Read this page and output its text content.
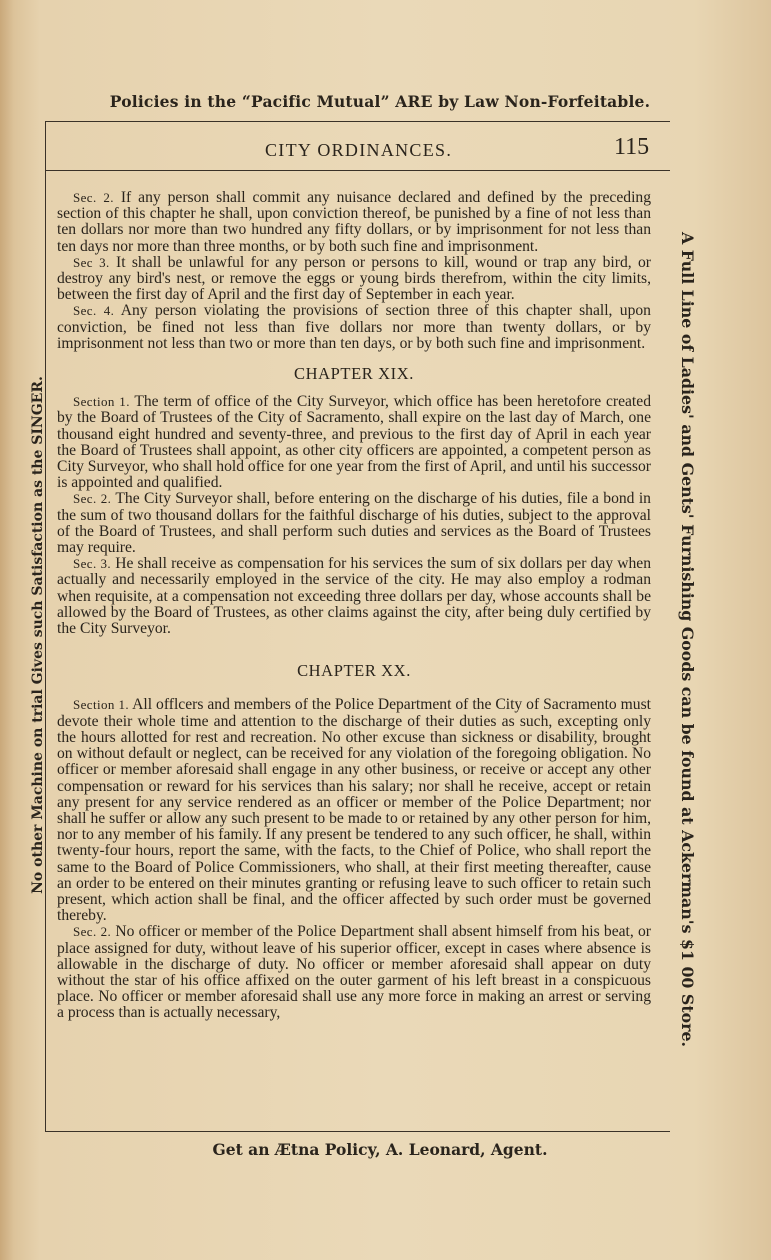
Policies in the “Pacific Mutual” ARE by Law Non-Forfeitable.
CITY ORDINANCES.	115
No other Machine on trial Gives such Satisfaction as the SINGER.	A Full Line of Ladies' and Gents' Furnishing Goods can be found at Ackerman's $1 00 Store.

Sec. 2. If any person shall commit any nuisance declared and defined by the preceding section of this chapter he shall, upon conviction thereof, be punished by a fine of not less than ten dollars nor more than two hundred any fifty dollars, or by imprisonment for not less than ten days nor more than three months, or by both such fine and imprisonment.

Sec 3. It shall be unlawful for any person or persons to kill, wound or trap any bird, or destroy any bird's nest, or remove the eggs or young birds therefrom, within the city limits, between the first day of April and the first day of September in each year.

Sec. 4. Any person violating the provisions of section three of this chapter shall, upon conviction, be fined not less than five dollars nor more than twenty dollars, or by imprisonment not less than two or more than ten days, or by both such fine and imprisonment.

CHAPTER XIX.

Section 1. The term of office of the City Surveyor, which office has been heretofore created by the Board of Trustees of the City of Sacramento, shall expire on the last day of March, one thousand eight hundred and seventy-three, and previous to the first day of April in each year the Board of Trustees shall appoint, as other city officers are appointed, a competent person as City Surveyor, who shall hold office for one year from the first of April, and until his successor is appointed and qualified.

Sec. 2. The City Surveyor shall, before entering on the discharge of his duties, file a bond in the sum of two thousand dollars for the faithful discharge of his duties, subject to the approval of the Board of Trustees, and shall perform such duties and services as the Board of Trustees may require.

Sec. 3. He shall receive as compensation for his services the sum of six dollars per day when actually and necessarily employed in the service of the city. He may also employ a rodman when requisite, at a compensation not exceeding three dollars per day, whose accounts shall be allowed by the Board of Trustees, as other claims against the city, after being duly certified by the City Surveyor.

CHAPTER XX.

Section 1. All offlcers and members of the Police Department of the City of Sacramento must devote their whole time and attention to the discharge of their duties as such, excepting only the hours allotted for rest and recreation. No other excuse than sickness or disability, brought on without default or neglect, can be received for any violation of the foregoing obligation. No officer or member aforesaid shall engage in any other business, or receive or accept any other compensation or reward for his services than his salary; nor shall he receive, accept or retain any present for any service rendered as an officer or member of the Police Department; nor shall he suffer or allow any such present to be made to or retained by any other person for him, nor to any member of his family. If any present be tendered to any such officer, he shall, within twenty-four hours, report the same, with the facts, to the Chief of Police, who shall report the same to the Board of Police Commissioners, who shall, at their first meeting thereafter, cause an order to be entered on their minutes granting or refusing leave to such officer to retain such present, which action shall be final, and the officer affected by such order must be governed thereby.

Sec. 2. No officer or member of the Police Department shall absent himself from his beat, or place assigned for duty, without leave of his superior officer, except in cases where absence is allowable in the discharge of duty. No officer or member aforesaid shall appear on duty without the star of his office affixed on the outer garment of his left breast in a conspicuous place. No officer or member aforesaid shall use any more force in making an arrest or serving a process than is actually necessary,

Get an Ætna Policy, A. Leonard, Agent.
